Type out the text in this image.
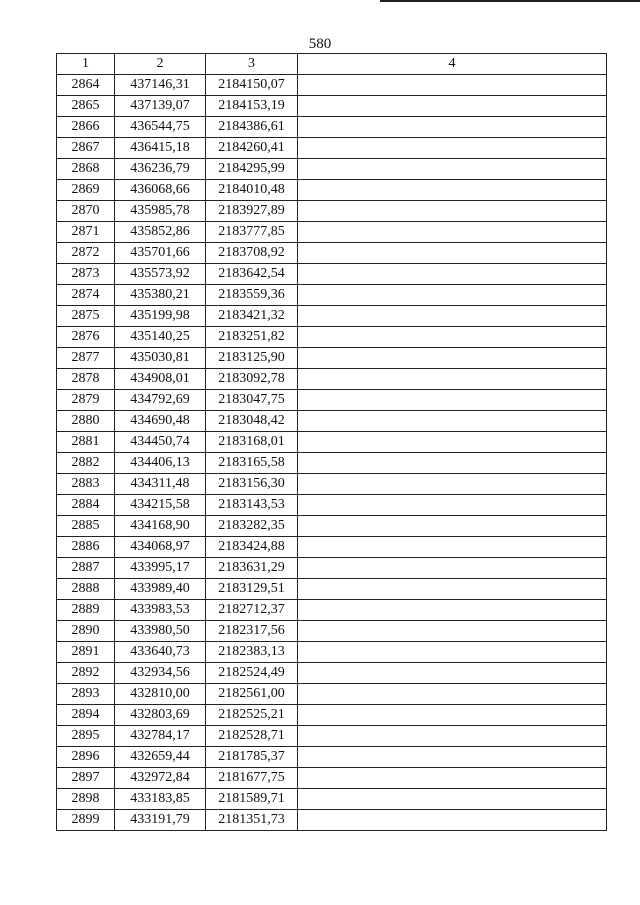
580
1	2	3	4
2864	437146,31	2184150,07	
2865	437139,07	2184153,19	
2866	436544,75	2184386,61	
2867	436415,18	2184260,41	
2868	436236,79	2184295,99	
2869	436068,66	2184010,48	
2870	435985,78	2183927,89	
2871	435852,86	2183777,85	
2872	435701,66	2183708,92	
2873	435573,92	2183642,54	
2874	435380,21	2183559,36	
2875	435199,98	2183421,32	
2876	435140,25	2183251,82	
2877	435030,81	2183125,90	
2878	434908,01	2183092,78	
2879	434792,69	2183047,75	
2880	434690,48	2183048,42	
2881	434450,74	2183168,01	
2882	434406,13	2183165,58	
2883	434311,48	2183156,30	
2884	434215,58	2183143,53	
2885	434168,90	2183282,35	
2886	434068,97	2183424,88	
2887	433995,17	2183631,29	
2888	433989,40	2183129,51	
2889	433983,53	2182712,37	
2890	433980,50	2182317,56	
2891	433640,73	2182383,13	
2892	432934,56	2182524,49	
2893	432810,00	2182561,00	
2894	432803,69	2182525,21	
2895	432784,17	2182528,71	
2896	432659,44	2181785,37	
2897	432972,84	2181677,75	
2898	433183,85	2181589,71	
2899	433191,79	2181351,73	
